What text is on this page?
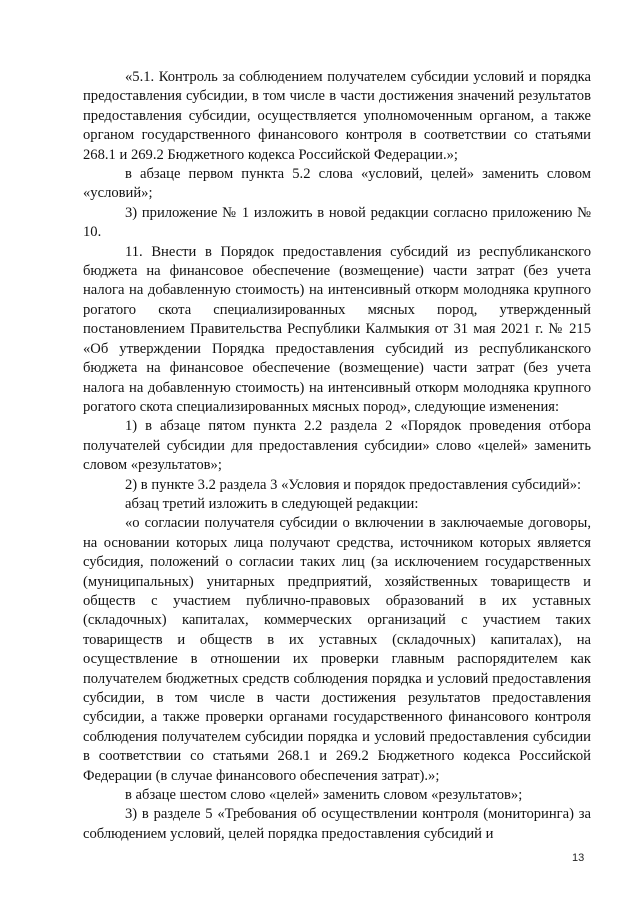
«5.1. Контроль за соблюдением получателем субсидии условий и порядка предоставления субсидии, в том числе в части достижения значений результатов предоставления субсидии, осуществляется уполномоченным органом, а также органом государственного финансового контроля в соответствии со статьями 268.1 и 269.2 Бюджетного кодекса Российской Федерации.»;

в абзаце первом пункта 5.2 слова «условий, целей» заменить словом «условий»;

3) приложение № 1 изложить в новой редакции согласно приложению № 10.

11. Внести в Порядок предоставления субсидий из республиканского бюджета на финансовое обеспечение (возмещение) части затрат (без учета налога на добавленную стоимость) на интенсивный откорм молодняка крупного рогатого скота специализированных мясных пород, утвержденный постановлением Правительства Республики Калмыкия от 31 мая 2021 г. № 215 «Об утверждении Порядка предоставления субсидий из республиканского бюджета на финансовое обеспечение (возмещение) части затрат (без учета налога на добавленную стоимость) на интенсивный откорм молодняка крупного рогатого скота специализированных мясных пород», следующие изменения:

1) в абзаце пятом пункта 2.2 раздела 2 «Порядок проведения отбора получателей субсидии для предоставления субсидии» слово «целей» заменить словом «результатов»;

2) в пункте 3.2 раздела 3 «Условия и порядок предоставления субсидий»:

абзац третий изложить в следующей редакции:

«о согласии получателя субсидии о включении в заключаемые договоры, на основании которых лица получают средства, источником которых является субсидия, положений о согласии таких лиц (за исключением государственных (муниципальных) унитарных предприятий, хозяйственных товариществ и обществ с участием публично-правовых образований в их уставных (складочных) капиталах, коммерческих организаций с участием таких товариществ и обществ в их уставных (складочных) капиталах), на осуществление в отношении их проверки главным распорядителем как получателем бюджетных средств соблюдения порядка и условий предоставления субсидии, в том числе в части достижения результатов предоставления субсидии, а также проверки органами государственного финансового контроля соблюдения получателем субсидии порядка и условий предоставления субсидии в соответствии со статьями 268.1 и 269.2 Бюджетного кодекса Российской Федерации (в случае финансового обеспечения затрат).»;

в абзаце шестом слово «целей» заменить словом «результатов»;

3) в разделе 5 «Требования об осуществлении контроля (мониторинга) за соблюдением условий, целей порядка предоставления субсидий и

13
